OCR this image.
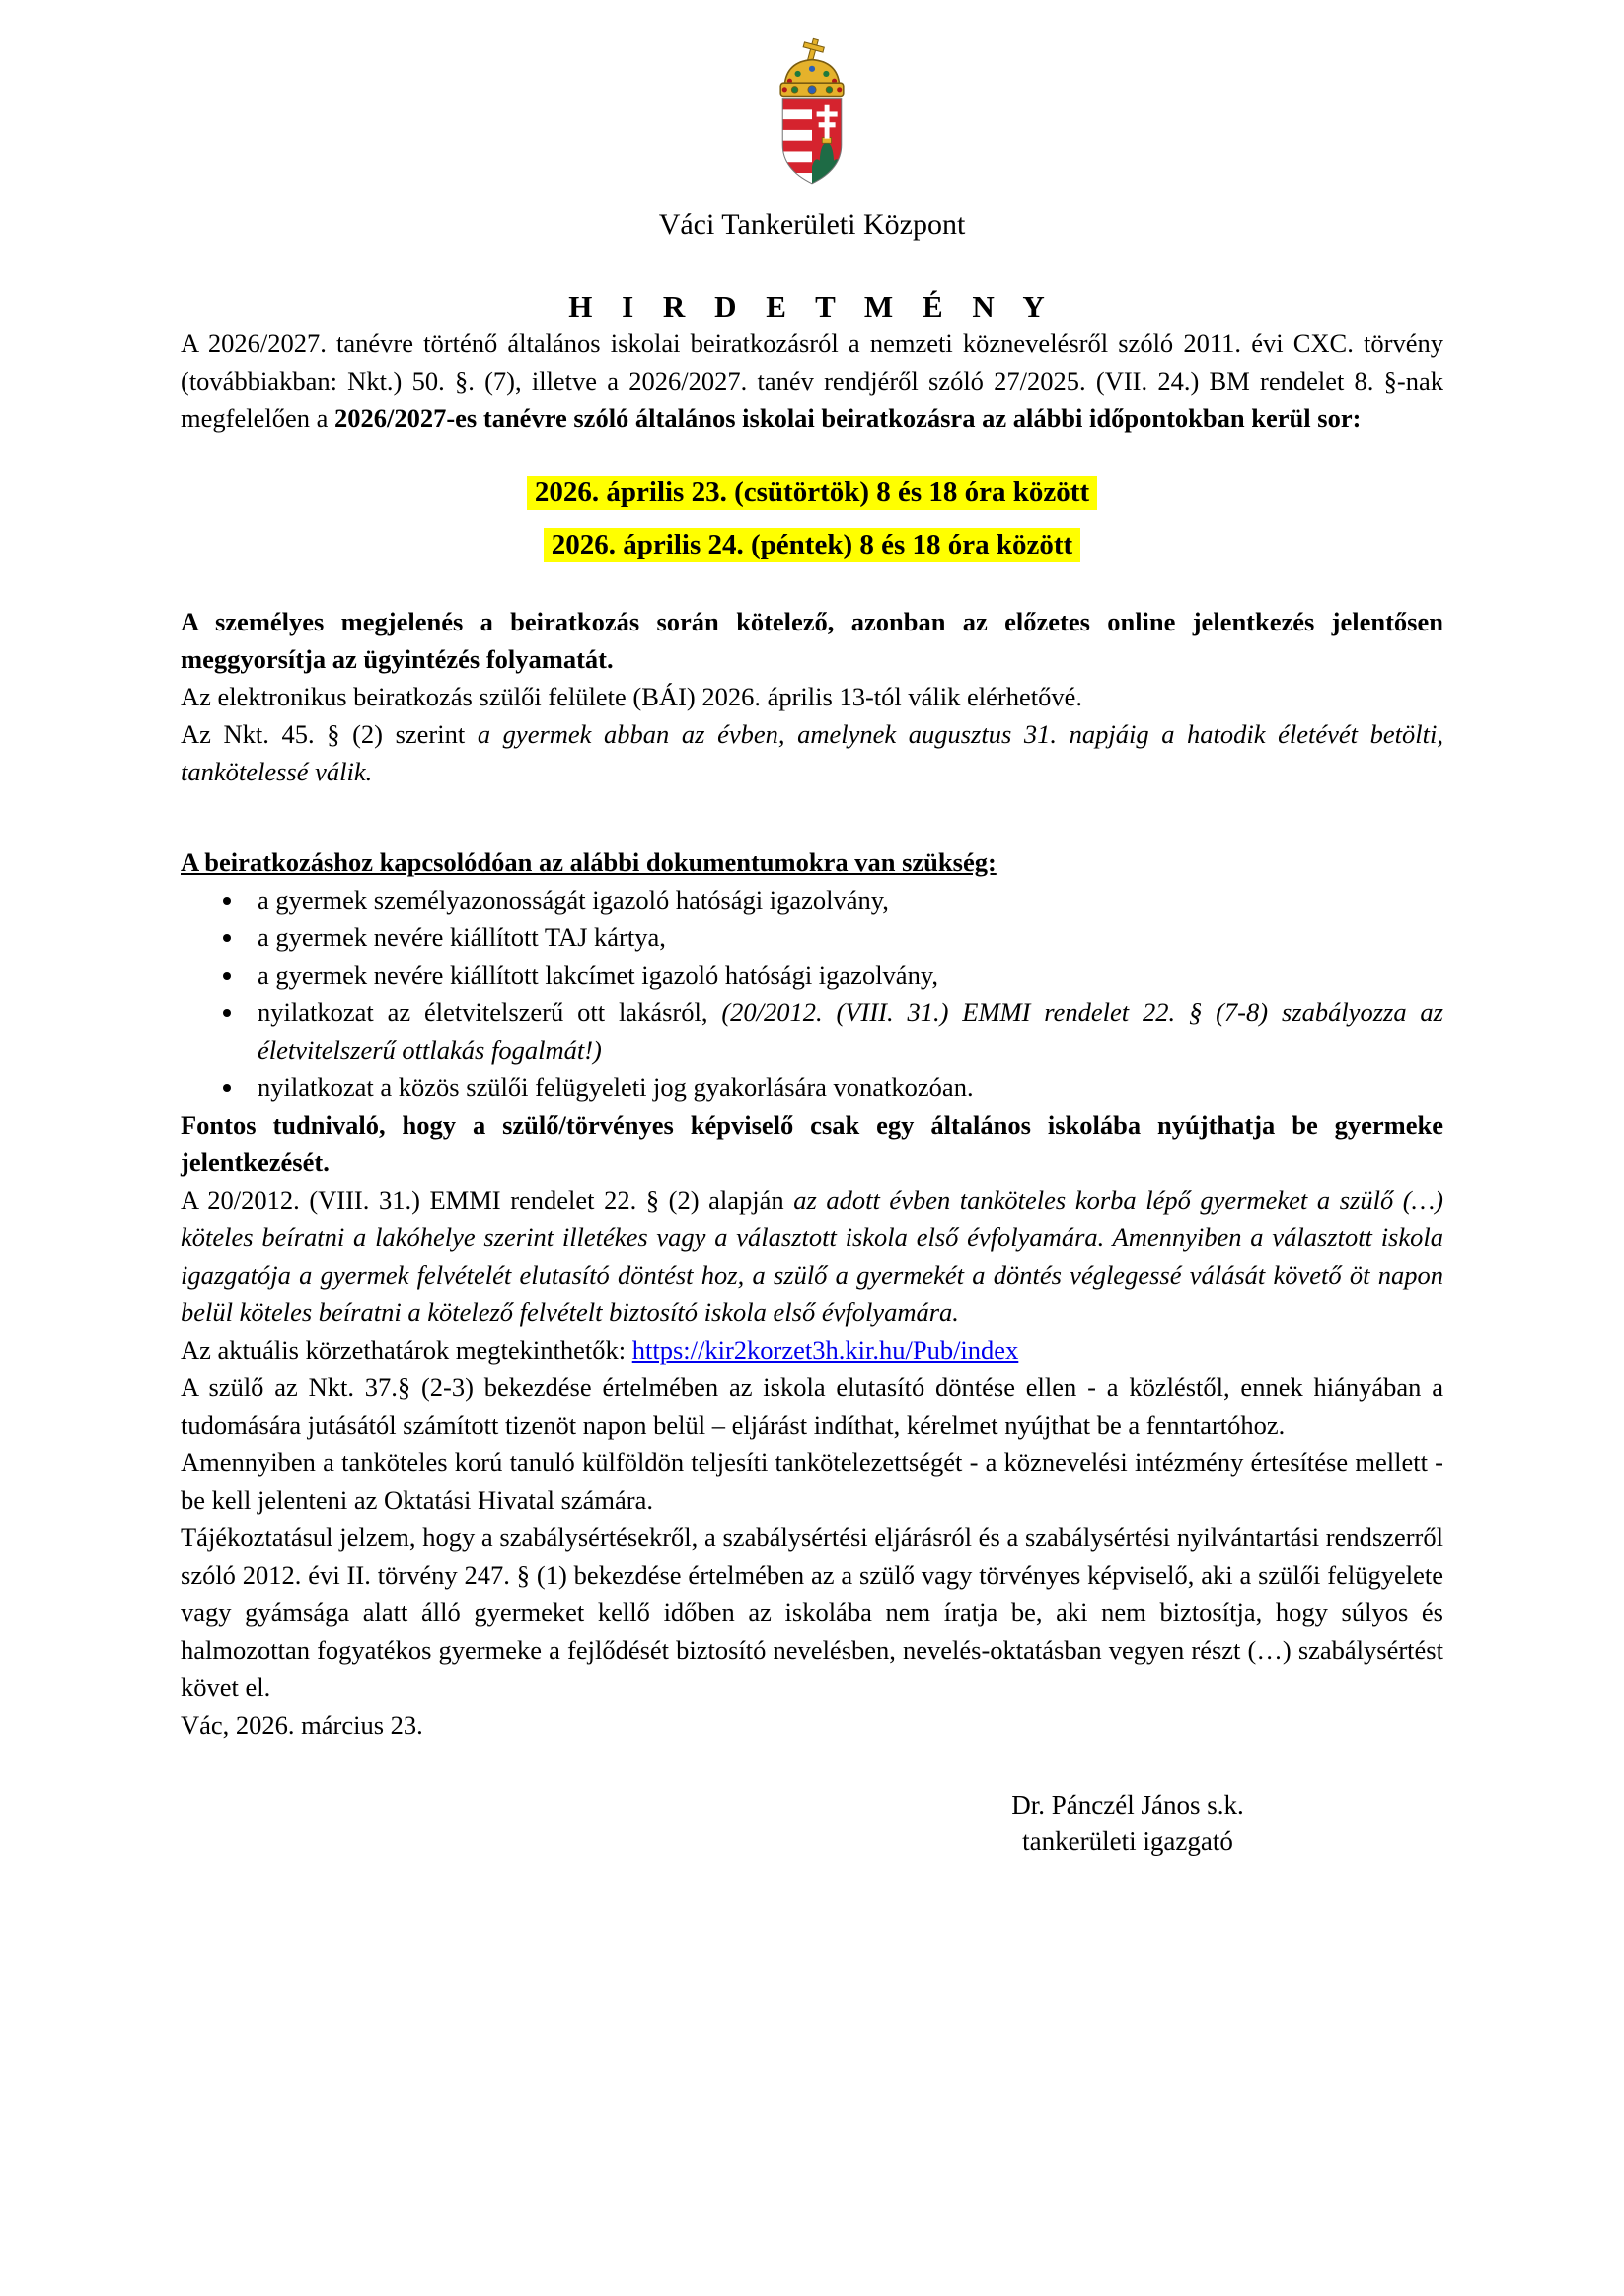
Váci Tankerületi Központ
H I R D E T M É N Y

A 2026/2027. tanévre történő általános iskolai beiratkozásról a nemzeti köznevelésről szóló 2011. évi CXC. törvény (továbbiakban: Nkt.) 50. §. (7), illetve a 2026/2027. tanév rendjéről szóló 27/2025. (VII. 24.) BM rendelet 8. §-nak megfelelően a 2026/2027-es tanévre szóló általános iskolai beiratkozásra az alábbi időpontokban kerül sor:

2026. április 23. (csütörtök) 8 és 18 óra között
2026. április 24. (péntek) 8 és 18 óra között

A személyes megjelenés a beiratkozás során kötelező, azonban az előzetes online jelentkezés jelentősen meggyorsítja az ügyintézés folyamatát.

Az elektronikus beiratkozás szülői felülete (BÁI) 2026. április 13-tól válik elérhetővé.

Az Nkt. 45. § (2) szerint a gyermek abban az évben, amelynek augusztus 31. napjáig a hatodik életévét betölti, tankötelessé válik.

A beiratkozáshoz kapcsolódóan az alábbi dokumentumokra van szükség:

• a gyermek személyazonosságát igazoló hatósági igazolvány,
• a gyermek nevére kiállított TAJ kártya,
• a gyermek nevére kiállított lakcímet igazoló hatósági igazolvány,
• nyilatkozat az életvitelszerű ott lakásról, (20/2012. (VIII. 31.) EMMI rendelet 22. § (7-8) szabályozza az életvitelszerű ottlakás fogalmát!)
• nyilatkozat a közös szülői felügyeleti jog gyakorlására vonatkozóan.

Fontos tudnivaló, hogy a szülő/törvényes képviselő csak egy általános iskolába nyújthatja be gyermeke jelentkezését.

A 20/2012. (VIII. 31.) EMMI rendelet 22. § (2) alapján az adott évben tanköteles korba lépő gyermeket a szülő (…) köteles beíratni a lakóhelye szerint illetékes vagy a választott iskola első évfolyamára. Amennyiben a választott iskola igazgatója a gyermek felvételét elutasító döntést hoz, a szülő a gyermekét a döntés véglegessé válását követő öt napon belül köteles beíratni a kötelező felvételt biztosító iskola első évfolyamára.

Az aktuális körzethatárok megtekinthetők: https://kir2korzet3h.kir.hu/Pub/index

A szülő az Nkt. 37.§ (2-3) bekezdése értelmében az iskola elutasító döntése ellen - a közléstől, ennek hiányában a tudomására jutásától számított tizenöt napon belül – eljárást indíthat, kérelmet nyújthat be a fenntartóhoz.

Amennyiben a tanköteles korú tanuló külföldön teljesíti tankötelezettségét - a köznevelési intézmény értesítése mellett - be kell jelenteni az Oktatási Hivatal számára.

Tájékoztatásul jelzem, hogy a szabálysértésekről, a szabálysértési eljárásról és a szabálysértési nyilvántartási rendszerről szóló 2012. évi II. törvény 247. § (1) bekezdése értelmében az a szülő vagy törvényes képviselő, aki a szülői felügyelete vagy gyámsága alatt álló gyermeket kellő időben az iskolába nem íratja be, aki nem biztosítja, hogy súlyos és halmozottan fogyatékos gyermeke a fejlődését biztosító nevelésben, nevelés-oktatásban vegyen részt (…) szabálysértést követ el.

Vác, 2026. március 23.

Dr. Pánczél János s.k.
tankerületi igazgató
